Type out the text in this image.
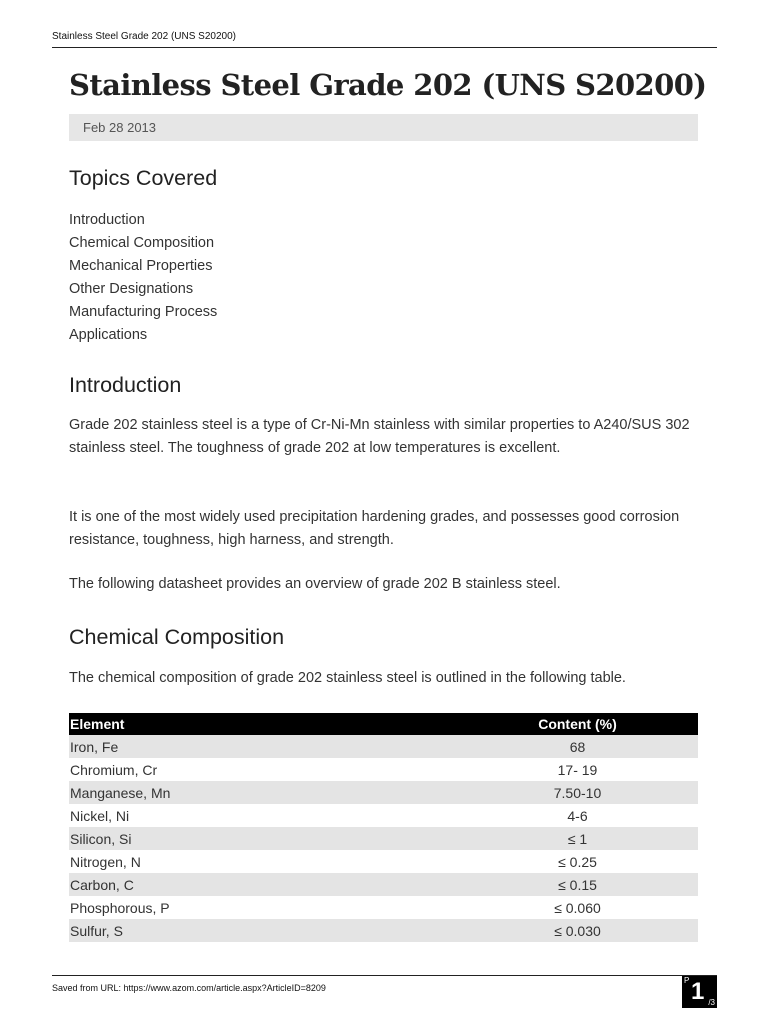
Stainless Steel Grade 202 (UNS S20200)
Stainless Steel Grade 202 (UNS S20200)
Feb 28 2013
Topics Covered
Introduction
Chemical Composition
Mechanical Properties
Other Designations
Manufacturing Process
Applications
Introduction

Grade 202 stainless steel is a type of Cr-Ni-Mn stainless with similar properties to A240/SUS 302 stainless steel. The toughness of grade 202 at low temperatures is excellent.

It is one of the most widely used precipitation hardening grades, and possesses good corrosion resistance, toughness, high harness, and strength.

The following datasheet provides an overview of grade 202 B stainless steel.

Chemical Composition

The chemical composition of grade 202 stainless steel is outlined in the following table.

Element	Content (%)
Iron, Fe	68
Chromium, Cr	17- 19
Manganese, Mn	7.50-10
Nickel, Ni	4-6
Silicon, Si	≤ 1
Nitrogen, N	≤ 0.25
Carbon, C	≤ 0.15
Phosphorous, P	≤ 0.060
Sulfur, S	≤ 0.030
Saved from URL: https://www.azom.com/article.aspx?ArticleID=8209
P 1 /3
